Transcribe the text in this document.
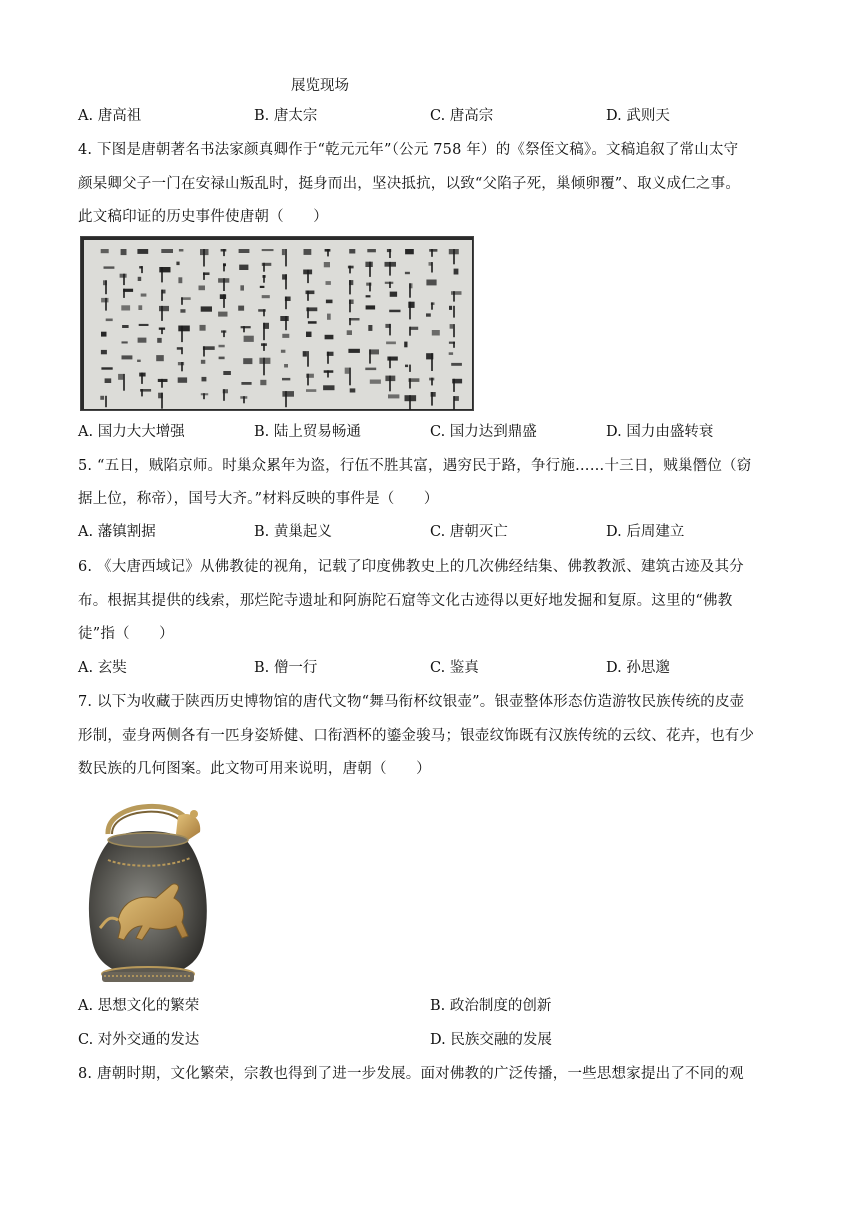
展览现场
A. 唐高祖	B. 唐太宗	C. 唐高宗	D. 武则天
4. 下图是唐朝著名书法家颜真卿作于“乾元元年”（公元 758 年）的《祭侄文稿》。文稿追叙了常山太守
颜杲卿父子一门在安禄山叛乱时，挺身而出，坚决抵抗，以致“父陷子死，巢倾卵覆”、取义成仁之事。
此文稿印证的历史事件使唐朝（　　）
A. 国力大大增强	B. 陆上贸易畅通	C. 国力达到鼎盛	D. 国力由盛转衰
5. “五日，贼陷京师。时巢众累年为盗，行伍不胜其富，遇穷民于路，争行施……十三日，贼巢僭位（窃
据上位，称帝），国号大齐。”材料反映的事件是（　　）
A. 藩镇割据	B. 黄巢起义	C. 唐朝灭亡	D. 后周建立
6. 《大唐西域记》从佛教徒的视角，记载了印度佛教史上的几次佛经结集、佛教教派、建筑古迹及其分
布。根据其提供的线索，那烂陀寺遗址和阿旃陀石窟等文化古迹得以更好地发掘和复原。这里的“佛教
徒”指（　　）
A. 玄奘	B. 僧一行	C. 鉴真	D. 孙思邈
7. 以下为收藏于陕西历史博物馆的唐代文物“舞马衔杯纹银壶”。银壶整体形态仿造游牧民族传统的皮壶
形制，壶身两侧各有一匹身姿矫健、口衔酒杯的鎏金骏马；银壶纹饰既有汉族传统的云纹、花卉，也有少
数民族的几何图案。此文物可用来说明，唐朝（　　）
A. 思想文化的繁荣	B. 政治制度的创新
C. 对外交通的发达	D. 民族交融的发展
8. 唐朝时期，文化繁荣，宗教也得到了进一步发展。面对佛教的广泛传播，一些思想家提出了不同的观
